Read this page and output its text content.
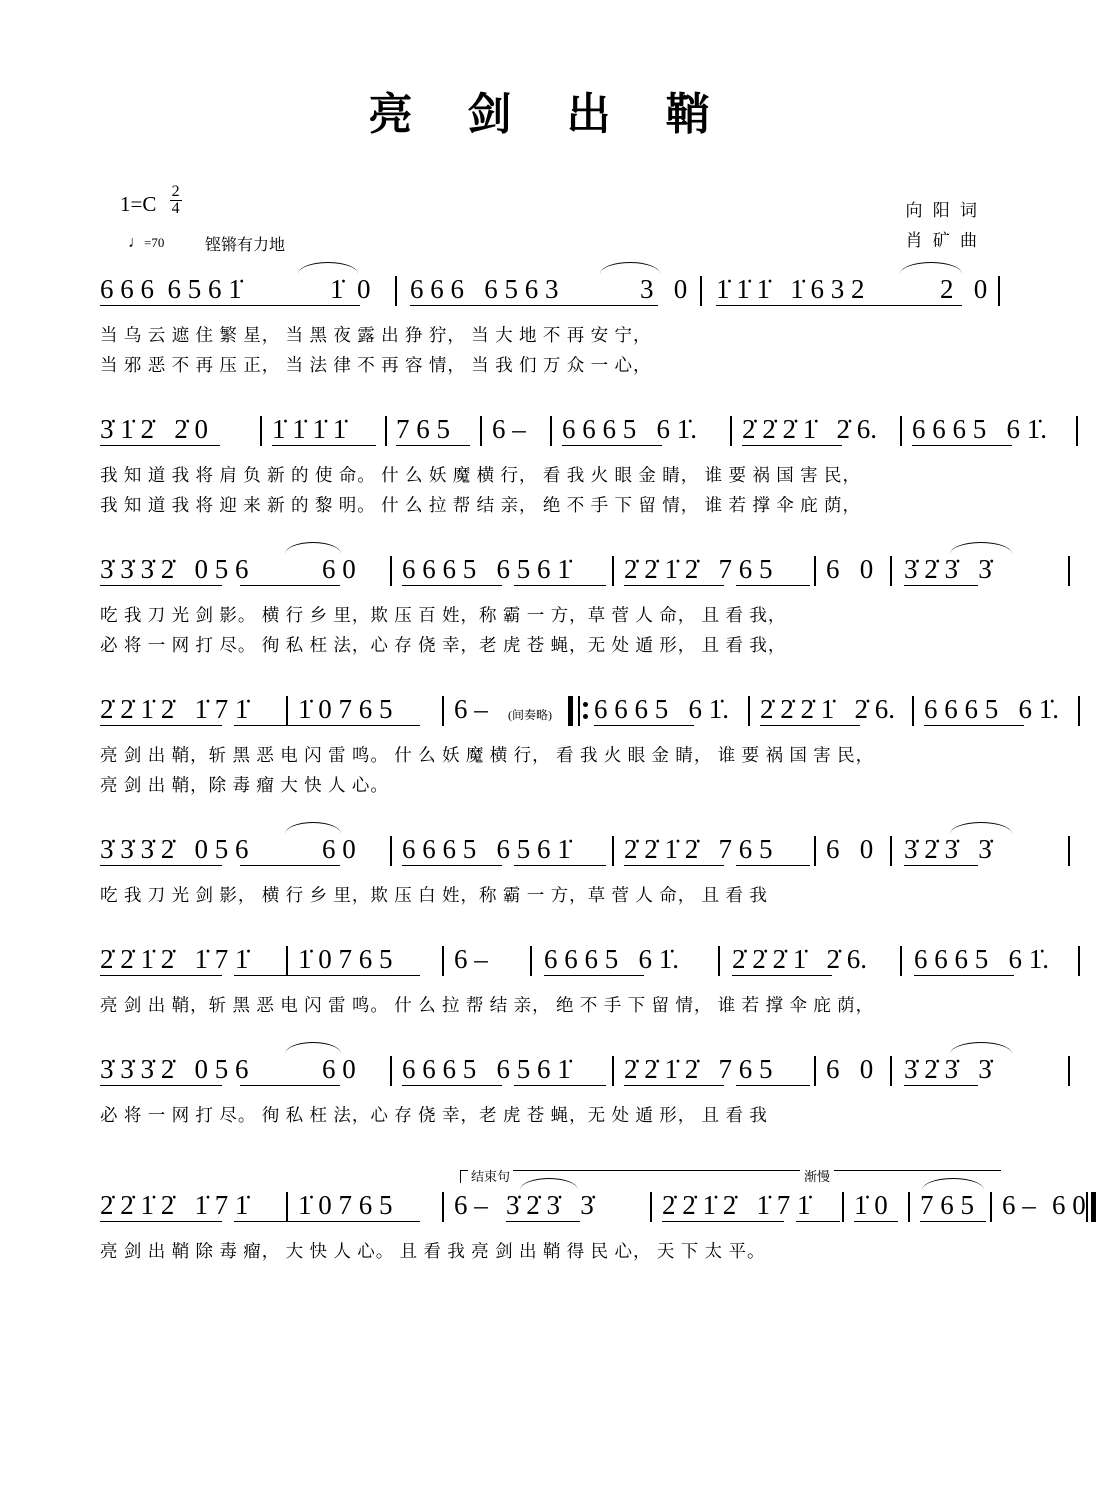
亮 剑 出 鞘
$1=C \frac{2}{4}$
♩=70	铿锵有力地
向 阳 词
肖 矿 曲
6 6 6  6 5 6 1̇	1̇  0 6 6 6   6 5 6 3	3   0 1̇ 1̇ 1̇   1̇ 6 3 2	2   0
当 乌 云 遮 住 繁 星， 当 黑 夜 露 出 狰 狞， 当 大 地 不 再 安 宁，
当 邪 恶 不 再 压 正， 当 法 律 不 再 容 情， 当 我 们 万 众 一 心，
3̇ 1̇ 2̇   2̇ 0 1̇ 1̇ 1̇ 1̇ 7 6 5 6 – 6 6 6 5   6 1̇. 2̇ 2̇ 2̇ 1̇   2̇ 6. 6 6 6 5   6 1̇.
我 知 道 我 将 肩 负 新 的 使 命。 什 么 妖 魔 横 行， 看 我 火 眼 金 睛， 谁 要 祸 国 害 民，
我 知 道 我 将 迎 来 新 的 黎 明。 什 么 拉 帮 结 亲， 绝 不 手 下 留 情， 谁 若 撑 伞 庇 荫，
3̇ 3̇ 3̇ 2̇   0 5 6	6 0 6 6 6 5   6 5 6 1̇ 2̇ 2̇ 1̇ 2̇   7 6 5 6   0 3̇ 2̇ 3̇   3̇
吃 我 刀 光 剑 影。 横 行 乡 里，欺 压 百 姓，称 霸 一 方，草 菅 人 命， 且 看 我，
必 将 一 网 打 尽。 徇 私 枉 法，心 存 侥 幸，老 虎 苍 蝇，无 处 遁 形， 且 看 我，
2̇ 2̇ 1̇ 2̇   1̇ 7 1̇ 1̇ 0 7 6 5 6 – (间奏略) 6 6 6 5   6 1̇. 2̇ 2̇ 2̇ 1̇   2̇ 6. 6 6 6 5   6 1̇.
亮 剑 出 鞘，斩 黑 恶 电 闪 雷 鸣。 什 么 妖 魔 横 行， 看 我 火 眼 金 睛， 谁 要 祸 国 害 民，
亮 剑 出 鞘，除 毒 瘤 大 快 人 心。
3̇ 3̇ 3̇ 2̇   0 5 6	6 0 6 6 6 5   6 5 6 1̇ 2̇ 2̇ 1̇ 2̇   7 6 5 6   0 3̇ 2̇ 3̇   3̇
吃 我 刀 光 剑 影， 横 行 乡 里，欺 压 白 姓，称 霸 一 方，草 菅 人 命， 且 看 我
2̇ 2̇ 1̇ 2̇   1̇ 7 1̇ 1̇ 0 7 6 5 6 – 6 6 6 5   6 1̇. 2̇ 2̇ 2̇ 1̇   2̇ 6. 6 6 6 5   6 1̇.
亮 剑 出 鞘，斩 黑 恶 电 闪 雷 鸣。 什 么 拉 帮 结 亲， 绝 不 手 下 留 情， 谁 若 撑 伞 庇 荫，
3̇ 3̇ 3̇ 2̇   0 5 6	6 0 6 6 6 5   6 5 6 1̇ 2̇ 2̇ 1̇ 2̇   7 6 5 6   0 3̇ 2̇ 3̇   3̇
必 将 一 网 打 尽。 徇 私 枉 法，心 存 侥 幸，老 虎 苍 蝇，无 处 遁 形， 且 看 我
结束句	渐慢
2̇ 2̇ 1̇ 2̇   1̇ 7 1̇ 1̇ 0 7 6 5 6 – 3̇ 2̇ 3̇   3̇	2̇ 2̇ 1̇ 2̇   1̇ 7 1̇ 1̇ 0 7 6 5 6 – 6 0
亮 剑 出 鞘 除 毒 瘤， 大 快 人 心。 且 看 我 亮 剑 出 鞘 得 民 心， 天 下 太 平。
